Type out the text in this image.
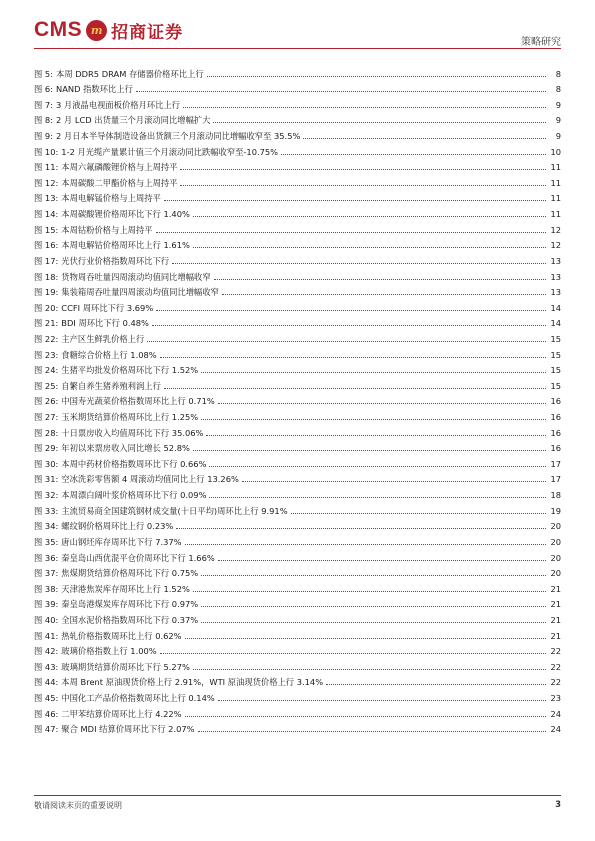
CMS m 招商证券	策略研究
图 5: 本周 DDR5 DRAM 存储器价格环比上行	8
图 6: NAND 指数环比上行	8
图 7: 3 月液晶电视面板价格月环比上行	9
图 8: 2 月 LCD 出货量三个月滚动同比增幅扩大	9
图 9: 2 月日本半导体制造设备出货额三个月滚动同比增幅收窄至 35.5%	9
图 10: 1-2 月光缆产量累计值三个月滚动同比跌幅收窄至-10.75%	10
图 11: 本周六氟磷酸锂价格与上周持平	11
图 12: 本周碳酸二甲酯价格与上周持平	11
图 13: 本周电解锰价格与上周持平	11
图 14: 本周碳酸锂价格周环比下行 1.40%	11
图 15: 本周钴粉价格与上周持平	12
图 16: 本周电解钴价格周环比上行 1.61%	12
图 17: 光伏行业价格指数周环比下行	13
图 18: 货物周吞吐量四周滚动均值同比增幅收窄	13
图 19: 集装箱周吞吐量四周滚动均值同比增幅收窄	13
图 20: CCFI 周环比下行 3.69%	14
图 21: BDI 周环比下行 0.48%	14
图 22: 主产区生鲜乳价格上行	15
图 23: 食糖综合价格上行 1.08%	15
图 24: 生猪平均批发价格周环比下行 1.52%	15
图 25: 自繁自养生猪养殖利润上行	15
图 26: 中国寿光蔬菜价格指数周环比上行 0.71%	16
图 27: 玉米期货结算价格周环比上行 1.25%	16
图 28: 十日票房收入均值周环比下行 35.06%	16
图 29: 年初以来票房收入同比增长 52.8%	16
图 30: 本周中药材价格指数周环比下行 0.66%	17
图 31: 空冰洗彩零售额 4 周滚动均值同比上行 13.26%	17
图 32: 本周漂白阔叶浆价格周环比下行 0.09%	18
图 33: 主流贸易商全国建筑钢材成交量(十日平均)周环比上行 9.91%	19
图 34: 螺纹钢价格周环比上行 0.23%	20
图 35: 唐山钢坯库存周环比下行 7.37%	20
图 36: 秦皇岛山西优混平仓价周环比下行 1.66%	20
图 37: 焦煤期货结算价格周环比下行 0.75%	20
图 38: 天津港焦炭库存周环比上行 1.52%	21
图 39: 秦皇岛港煤炭库存周环比下行 0.97%	21
图 40: 全国水泥价格指数周环比下行 0.37%	21
图 41: 热轧价格指数周环比上行 0.62%	21
图 42: 玻璃价格指数上行 1.00%	22
图 43: 玻璃期货结算价周环比下行 5.27%	22
图 44: 本周 Brent 原油现货价格上行 2.91%，WTI 原油现货价格上行 3.14%	22
图 45: 中国化工产品价格指数周环比上行 0.14%	23
图 46: 二甲苯结算价周环比上行 4.22%	24
图 47: 聚合 MDI 结算价周环比下行 2.07%	24
敬请阅读末页的重要说明	3
